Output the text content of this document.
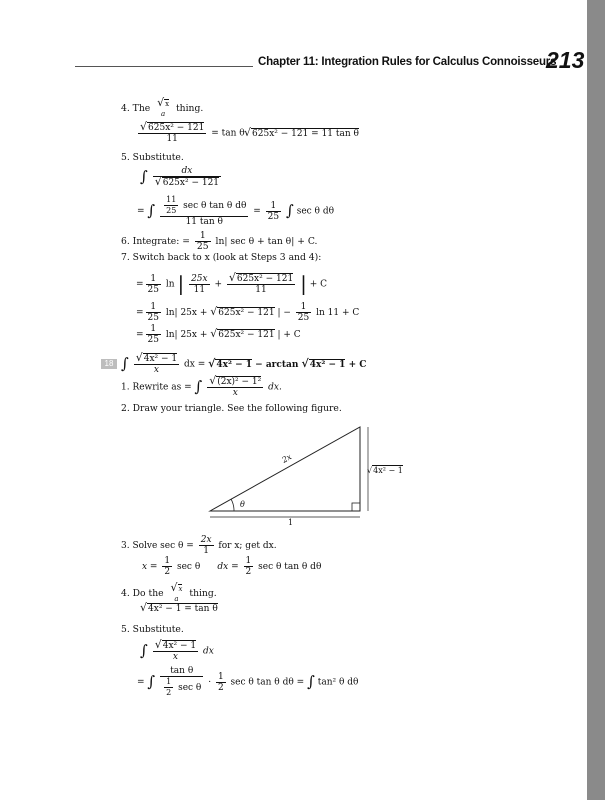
Chapter 11: Integration Rules for Calculus Connoisseurs
213
4. The √x
a	thing.
$\frac{\text{√625x² − 121}}{11} = \tan \theta$ √625x² − 121 = 11 tan θ
5. Substitute.
∫ $\frac{dx}{\text{√625x² − 121}}$
= ∫ $\frac{\frac{11}{25} \sec \theta \tan \theta d\theta}{\text{11 tan θ}} = \frac{1}{25}$ ∫ sec θ dθ
6. Integrate: = $\frac{1}{25} \ln|$ sec θ + tan θ| + C.
7. Switch back to x (look at Steps 3 and 4):
= $\frac{1}{25}$ ln | $\frac{25x}{11} + \frac{\text{√625x² − 121}}{11}$ | + C
= $\frac{1}{25} \ln|$ 25x + √625x² − 121 | − $\frac{1}{25}$ ln 11 + C
= $\frac{1}{25} \ln|$ 25x + √625x² − 121 | + C
18 ∫ $\frac{\text{√4x² − 1}}{x}$ dx = √4x² − 1 − arctan √4x² − 1 + C
1. Rewrite as = ∫ $\frac{\text{√(2x)² − 1²}}{x}$ dx.
2. Draw your triangle. See the following figure.
2x
√4x² − 1
1
θ
3. Solve $\sec \theta = \frac{2x}{1}$ for x; get dx.
$x = \frac{1}{2}$ sec θ dx = $\frac{1}{2}$ sec θ tan θ dθ
4. Do the √x
a	thing.
√4x² − 1 = tan θ
5. Substitute.
∫ $\frac{\text{√4x² − 1}}{x}$ dx
= ∫ $\frac{\text{tan θ}}{\frac{1}{2} \sec \theta} \cdot \frac{1}{2}$ sec θ tan θ dθ = ∫ tan² θ dθ
